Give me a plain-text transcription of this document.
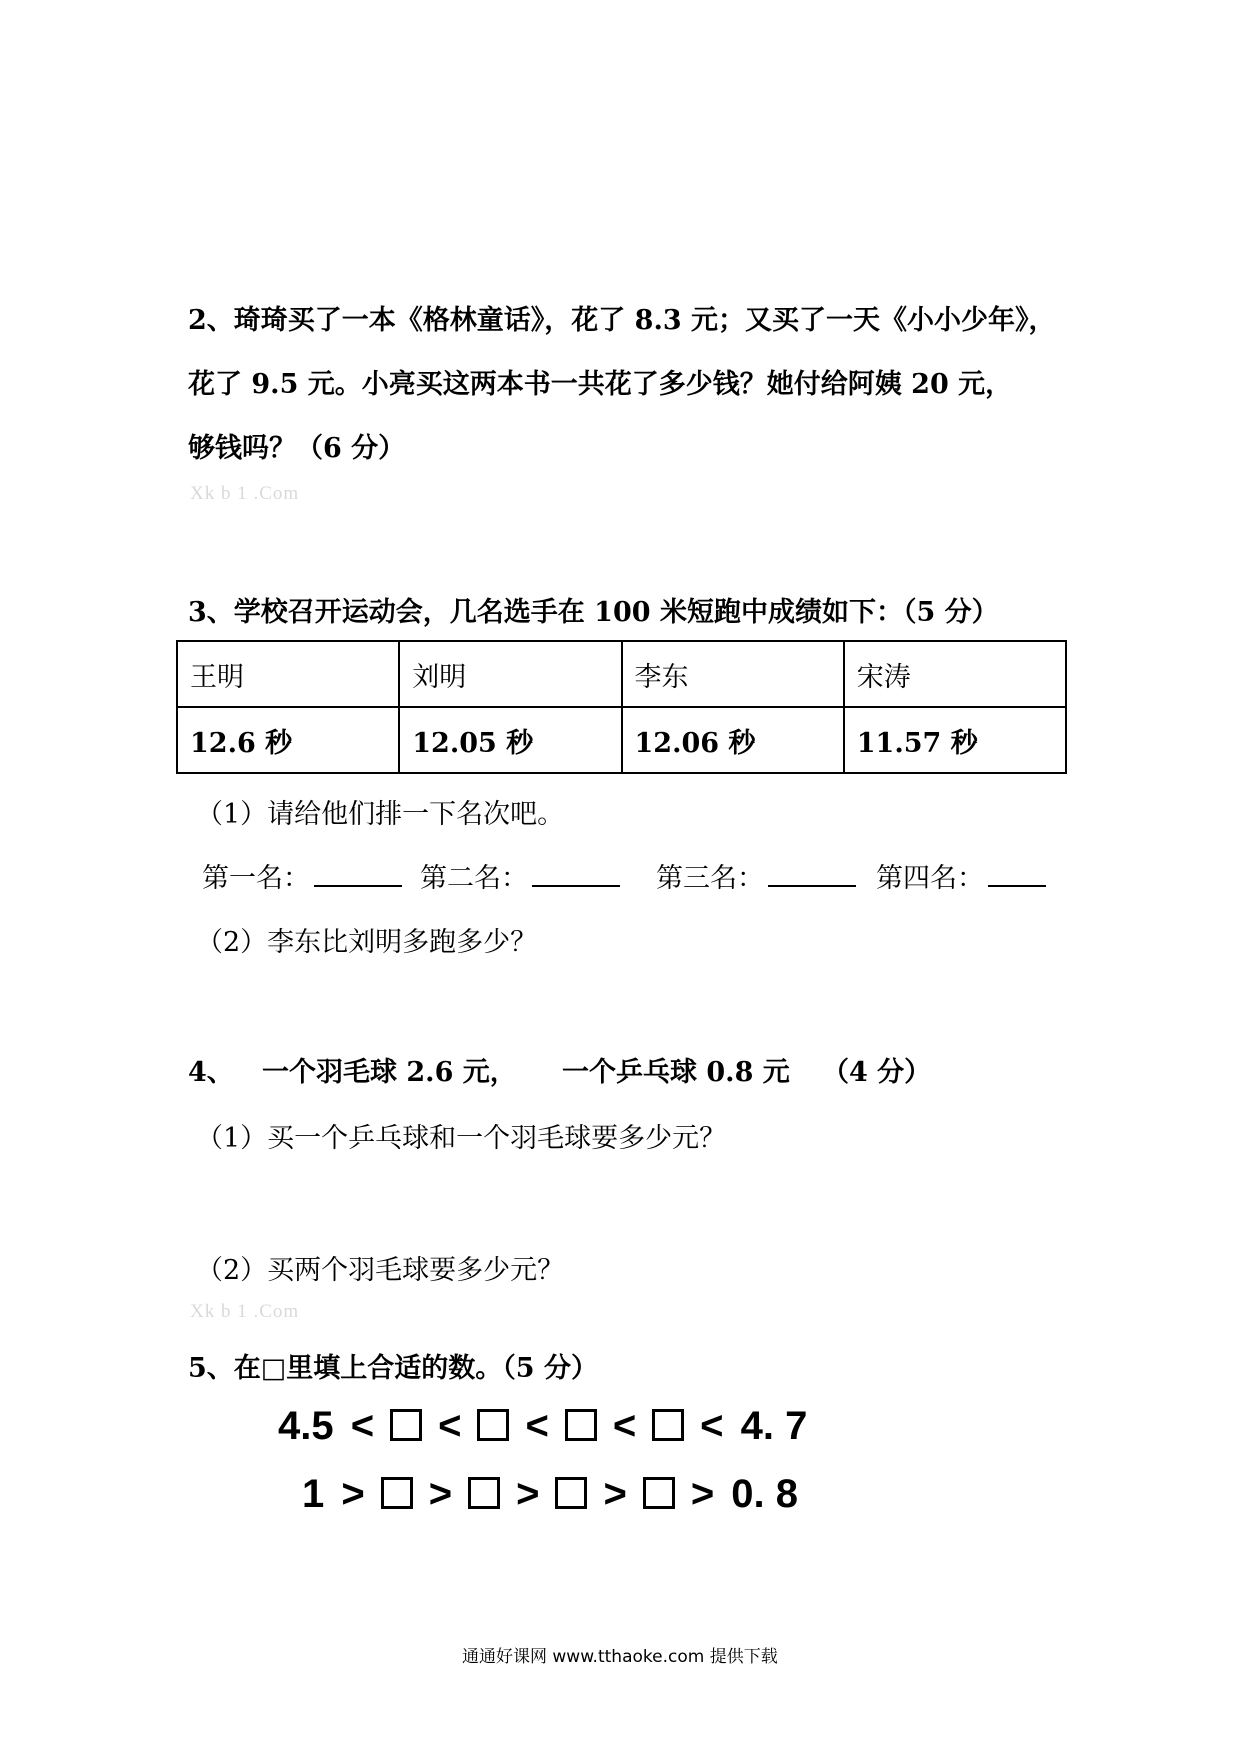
2、琦琦买了一本《格林童话》，花了 8.3 元；又买了一天《小小少年》，
花了 9.5 元。小亮买这两本书一共花了多少钱？她付给阿姨 20 元，
够钱吗？（6 分）
Xk b 1 .Com
3、学校召开运动会，几名选手在 100 米短跑中成绩如下：（5 分）
王明	刘明	李东	宋涛
12.6 秒	12.05 秒	12.06 秒	11.57 秒
（1）请给他们排一下名次吧。
第一名：	第二名：	第三名：	第四名：
（2）李东比刘明多跑多少？
4、 一个羽毛球 2.6 元， 一个乒乓球 0.8 元 （4 分）
（1）买一个乒乓球和一个羽毛球要多少元？
（2）买两个羽毛球要多少元？
Xk b 1 .Com
5、在□里填上合适的数。（5 分）
4.5 < < < < < 4. 7
1 > > > > > 0. 8
通通好课网 www.tthaoke.com 提供下载
